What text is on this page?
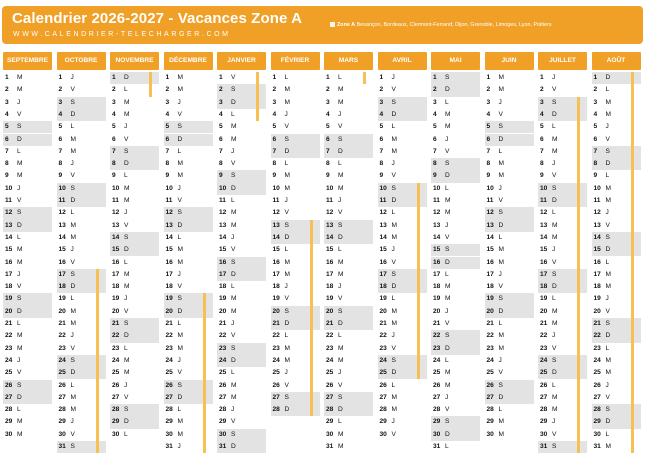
Calendrier 2026-2027 - Vacances Zone A
WWW.CALENDRIER-TELECHARGER.COM
Zone A Besançon, Bordeaux, Clermont-Ferrand, Dijon, Grenoble, Limoges, Lyon, Poitiers
SEPTEMBRE
1 M
2 M
3 J
4 V
5 S
6 D
7 L
8 M
9 M
10 J
11 V
12 S
13 D
14 L
15 M
16 M
17 J
18 V
19 S
20 D
21 L
22 M
23 M
24 J
25 V
26 S
27 D
28 L
29 M
30 M
OCTOBRE
1 J
2 V
3 S
4 D
5 L
6 M
7 M
8 J
9 V
10 S
11 D
12 L
13 M
14 M
15 J
16 V
17 S
18 D
19 L
20 M
21 M
22 J
23 V
24 S
25 D
26 L
27 M
28 M
29 J
30 V
31 S
NOVEMBRE
1 D
2 L
3 M
4 M
5 J
6 V
7 S
8 D
9 L
10 M
11 M
12 J
13 V
14 S
15 D
16 L
17 M
18 M
19 J
20 V
21 S
22 D
23 L
24 M
25 M
26 J
27 V
28 S
29 D
30 L
DÉCEMBRE
1 M
2 M
3 J
4 V
5 S
6 D
7 L
8 M
9 M
10 J
11 V
12 S
13 D
14 L
15 M
16 M
17 J
18 V
19 S
20 D
21 L
22 M
23 M
24 J
25 V
26 S
27 D
28 L
29 M
30 M
31 J
JANVIER
1 V
2 S
3 D
4 L
5 M
6 M
7 J
8 V
9 S
10 D
11 L
12 M
13 M
14 J
15 V
16 S
17 D
18 L
19 M
20 M
21 J
22 V
23 S
24 D
25 L
26 M
27 M
28 J
29 V
30 S
31 D
FÉVRIER
1 L
2 M
3 M
4 J
5 V
6 S
7 D
8 L
9 M
10 M
11 J
12 V
13 S
14 D
15 L
16 M
17 M
18 J
19 V
20 S
21 D
22 L
23 M
24 M
25 J
26 V
27 S
28 D
MARS
1 L
2 M
3 M
4 J
5 V
6 S
7 D
8 L
9 M
10 M
11 J
12 V
13 S
14 D
15 L
16 M
17 M
18 J
19 V
20 S
21 D
22 L
23 M
24 M
25 J
26 V
27 S
28 D
29 L
30 M
31 M
AVRIL
1 J
2 V
3 S
4 D
5 L
6 M
7 M
8 J
9 V
10 S
11 D
12 L
13 M
14 M
15 J
16 V
17 S
18 D
19 L
20 M
21 M
22 J
23 V
24 S
25 D
26 L
27 M
28 M
29 J
30 V
MAI
1 S
2 D
3 L
4 M
5 M
6 J
7 V
8 S
9 D
10 L
11 M
12 M
13 J
14 V
15 S
16 D
17 L
18 M
19 M
20 J
21 V
22 S
23 D
24 L
25 M
26 M
27 J
28 V
29 S
30 D
31 L
JUIN
1 M
2 M
3 J
4 V
5 S
6 D
7 L
8 M
9 M
10 J
11 V
12 S
13 D
14 L
15 M
16 M
17 J
18 V
19 S
20 D
21 L
22 M
23 M
24 J
25 V
26 S
27 D
28 L
29 M
30 M
JUILLET
1 J
2 V
3 S
4 D
5 L
6 M
7 M
8 J
9 V
10 S
11 D
12 L
13 M
14 M
15 J
16 V
17 S
18 D
19 L
20 M
21 M
22 J
23 V
24 S
25 D
26 L
27 M
28 M
29 J
30 V
31 S
AOÛT
1 D
2 L
3 M
4 M
5 J
6 V
7 S
8 D
9 L
10 M
11 M
12 J
13 V
14 S
15 D
16 L
17 M
18 M
19 J
20 V
21 S
22 D
23 L
24 M
25 M
26 J
27 V
28 S
29 D
30 L
31 M
